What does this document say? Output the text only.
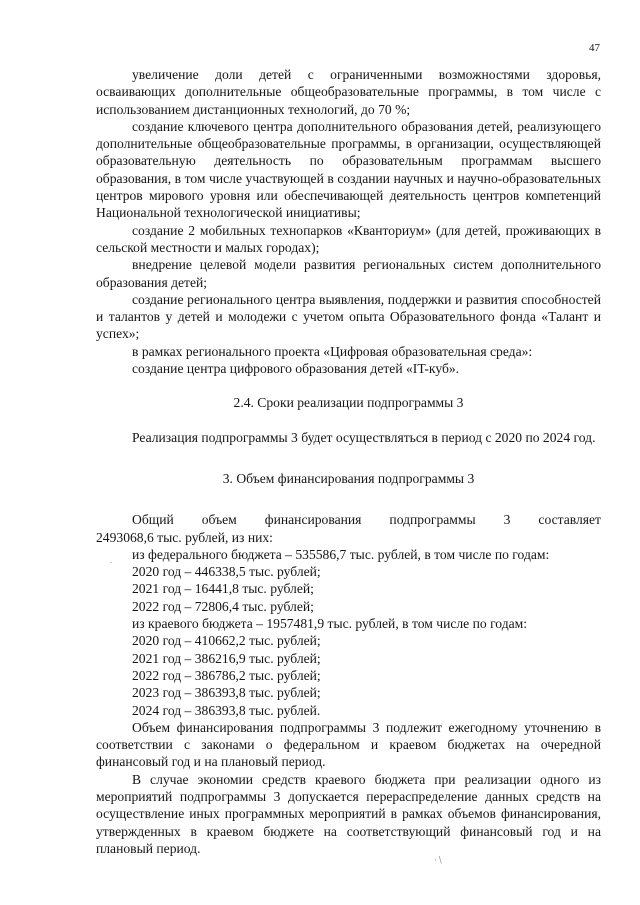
47

увеличение доли детей с ограниченными возможностями здоровья, осваивающих дополнительные общеобразовательные программы, в том числе с использованием дистанционных технологий, до 70 %;

создание ключевого центра дополнительного образования детей, реализующего дополнительные общеобразовательные программы, в организации, осуществляющей образовательную деятельность по образовательным программам высшего образования, в том числе участвующей в создании научных и научно-образовательных центров мирового уровня или обеспечивающей деятельность центров компетенций Национальной технологической инициативы;

создание 2 мобильных технопарков «Кванториум» (для детей, проживающих в сельской местности и малых городах);

внедрение целевой модели развития региональных систем дополнительного образования детей;

создание регионального центра выявления, поддержки и развития способностей и талантов у детей и молодежи с учетом опыта Образовательного фонда «Талант и успех»;

в рамках регионального проекта «Цифровая образовательная среда»:

создание центра цифрового образования детей «IT-куб».

2.4. Сроки реализации подпрограммы 3

Реализация подпрограммы 3 будет осуществляться в период с 2020 по 2024 год.

3. Объем финансирования подпрограммы 3

Общий объем финансирования подпрограммы 3 составляет

2493068,6 тыс. рублей, из них:

из федерального бюджета – 535586,7 тыс. рублей, в том числе по годам:

2020 год – 446338,5 тыс. рублей;
2021 год – 16441,8 тыс. рублей;
2022 год – 72806,4 тыс. рублей;

из краевого бюджета – 1957481,9 тыс. рублей, в том числе по годам:

2020 год – 410662,2 тыс. рублей;
2021 год – 386216,9 тыс. рублей;
2022 год – 386786,2 тыс. рублей;
2023 год – 386393,8 тыс. рублей;
2024 год – 386393,8 тыс. рублей.

Объем финансирования подпрограммы 3 подлежит ежегодному уточнению в соответствии с законами о федеральном и краевом бюджетах на очередной финансовый год и на плановый период.

В случае экономии средств краевого бюджета при реализации одного из мероприятий подпрограммы 3 допускается перераспределение данных средств на осуществление иных программных мероприятий в рамках объемов финансирования, утвержденных в краевом бюджете на соответствующий финансовый год и на плановый период.

.
·∖
